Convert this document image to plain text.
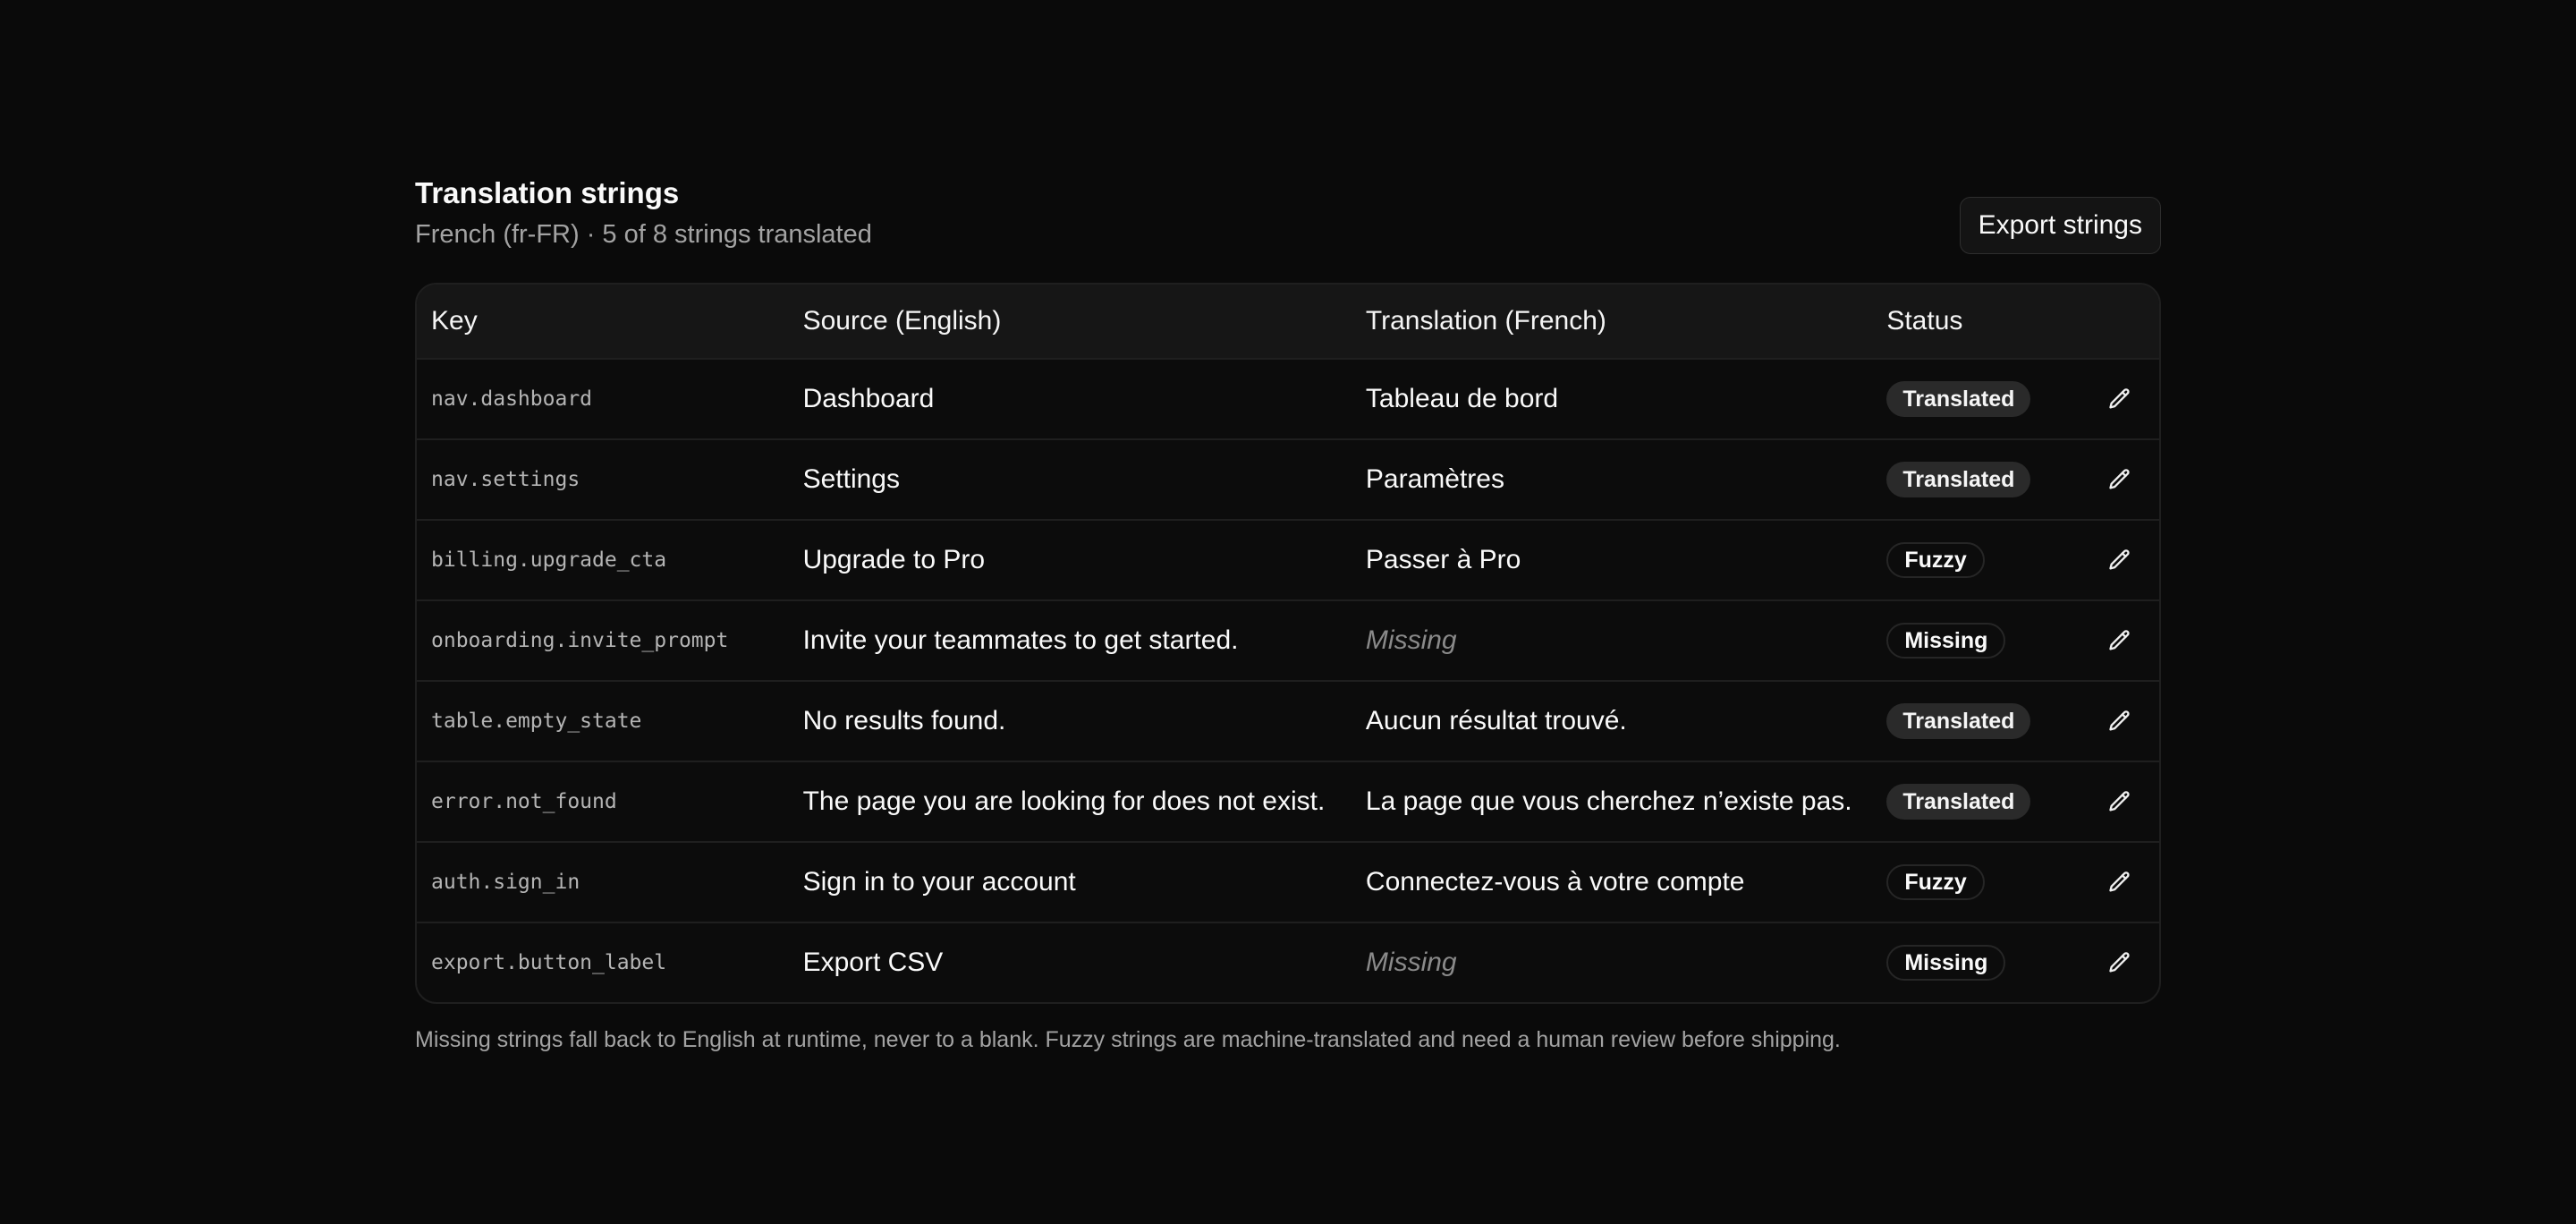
Translation strings
French (fr-FR) · 5 of 8 strings translated	Export strings
Key	Source (English)	Translation (French)	Status
nav.dashboard	Dashboard	Tableau de bord	Translated
nav.settings	Settings	Paramètres	Translated
billing.upgrade_cta	Upgrade to Pro	Passer à Pro	Fuzzy
onboarding.invite_prompt	Invite your teammates to get started.	Missing	Missing
table.empty_state	No results found.	Aucun résultat trouvé.	Translated
error.not_found	The page you are looking for does not exist.	La page que vous cherchez n’existe pas.	Translated
auth.sign_in	Sign in to your account	Connectez-vous à votre compte	Fuzzy
export.button_label	Export CSV	Missing	Missing
Missing strings fall back to English at runtime, never to a blank. Fuzzy strings are machine-translated and need a human review before shipping.
